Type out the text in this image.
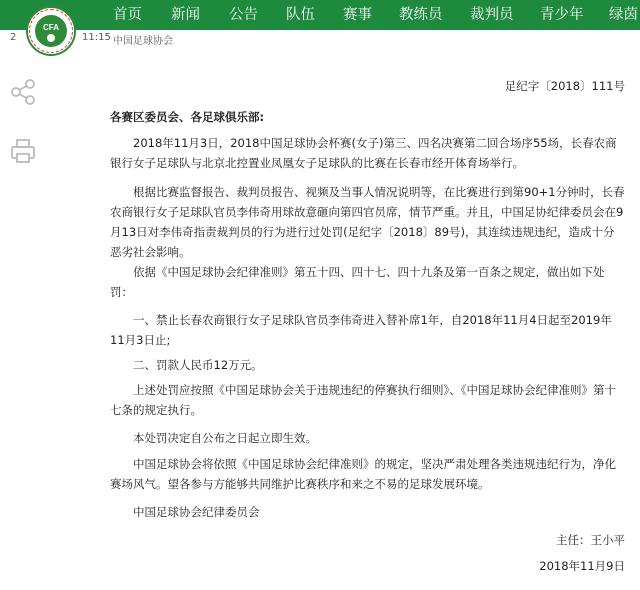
首页 新闻 公告 队伍 赛事 教练员 裁判员 青少年 绿茵
CFA
2	11:15 中国足球协会
足纪字〔2018〕111号

各赛区委员会、各足球俱乐部:

2018年11月3日，2018中国足球协会杯赛(女子)第三、四名决赛第二回合场序55场，长春农商银行女子足球队与北京北控置业凤凰女子足球队的比赛在长春市经开体育场举行。

根据比赛监督报告、裁判员报告、视频及当事人情况说明等，在比赛进行到第90+1分钟时，长春农商银行女子足球队官员李伟奇用球故意砸向第四官员席，情节严重。并且，中国足协纪律委员会在9月13日对李伟奇指责裁判员的行为进行过处罚(足纪字〔2018〕89号)，其连续违规违纪，造成十分恶劣社会影响。

依据《中国足球协会纪律准则》第五十四、四十七、四十九条及第一百条之规定，做出如下处罚：

一、禁止长春农商银行女子足球队官员李伟奇进入替补席1年，自2018年11月4日起至2019年11月3日止;

二、罚款人民币12万元。

上述处罚应按照《中国足球协会关于违规违纪的停赛执行细则》、《中国足球协会纪律准则》第十七条的规定执行。

本处罚决定自公布之日起立即生效。

中国足球协会将依照《中国足球协会纪律准则》的规定，坚决严肃处理各类违规违纪行为，净化赛场风气。望各参与方能够共同维护比赛秩序和来之不易的足球发展环境。

中国足球协会纪律委员会

主任：王小平

2018年11月9日
